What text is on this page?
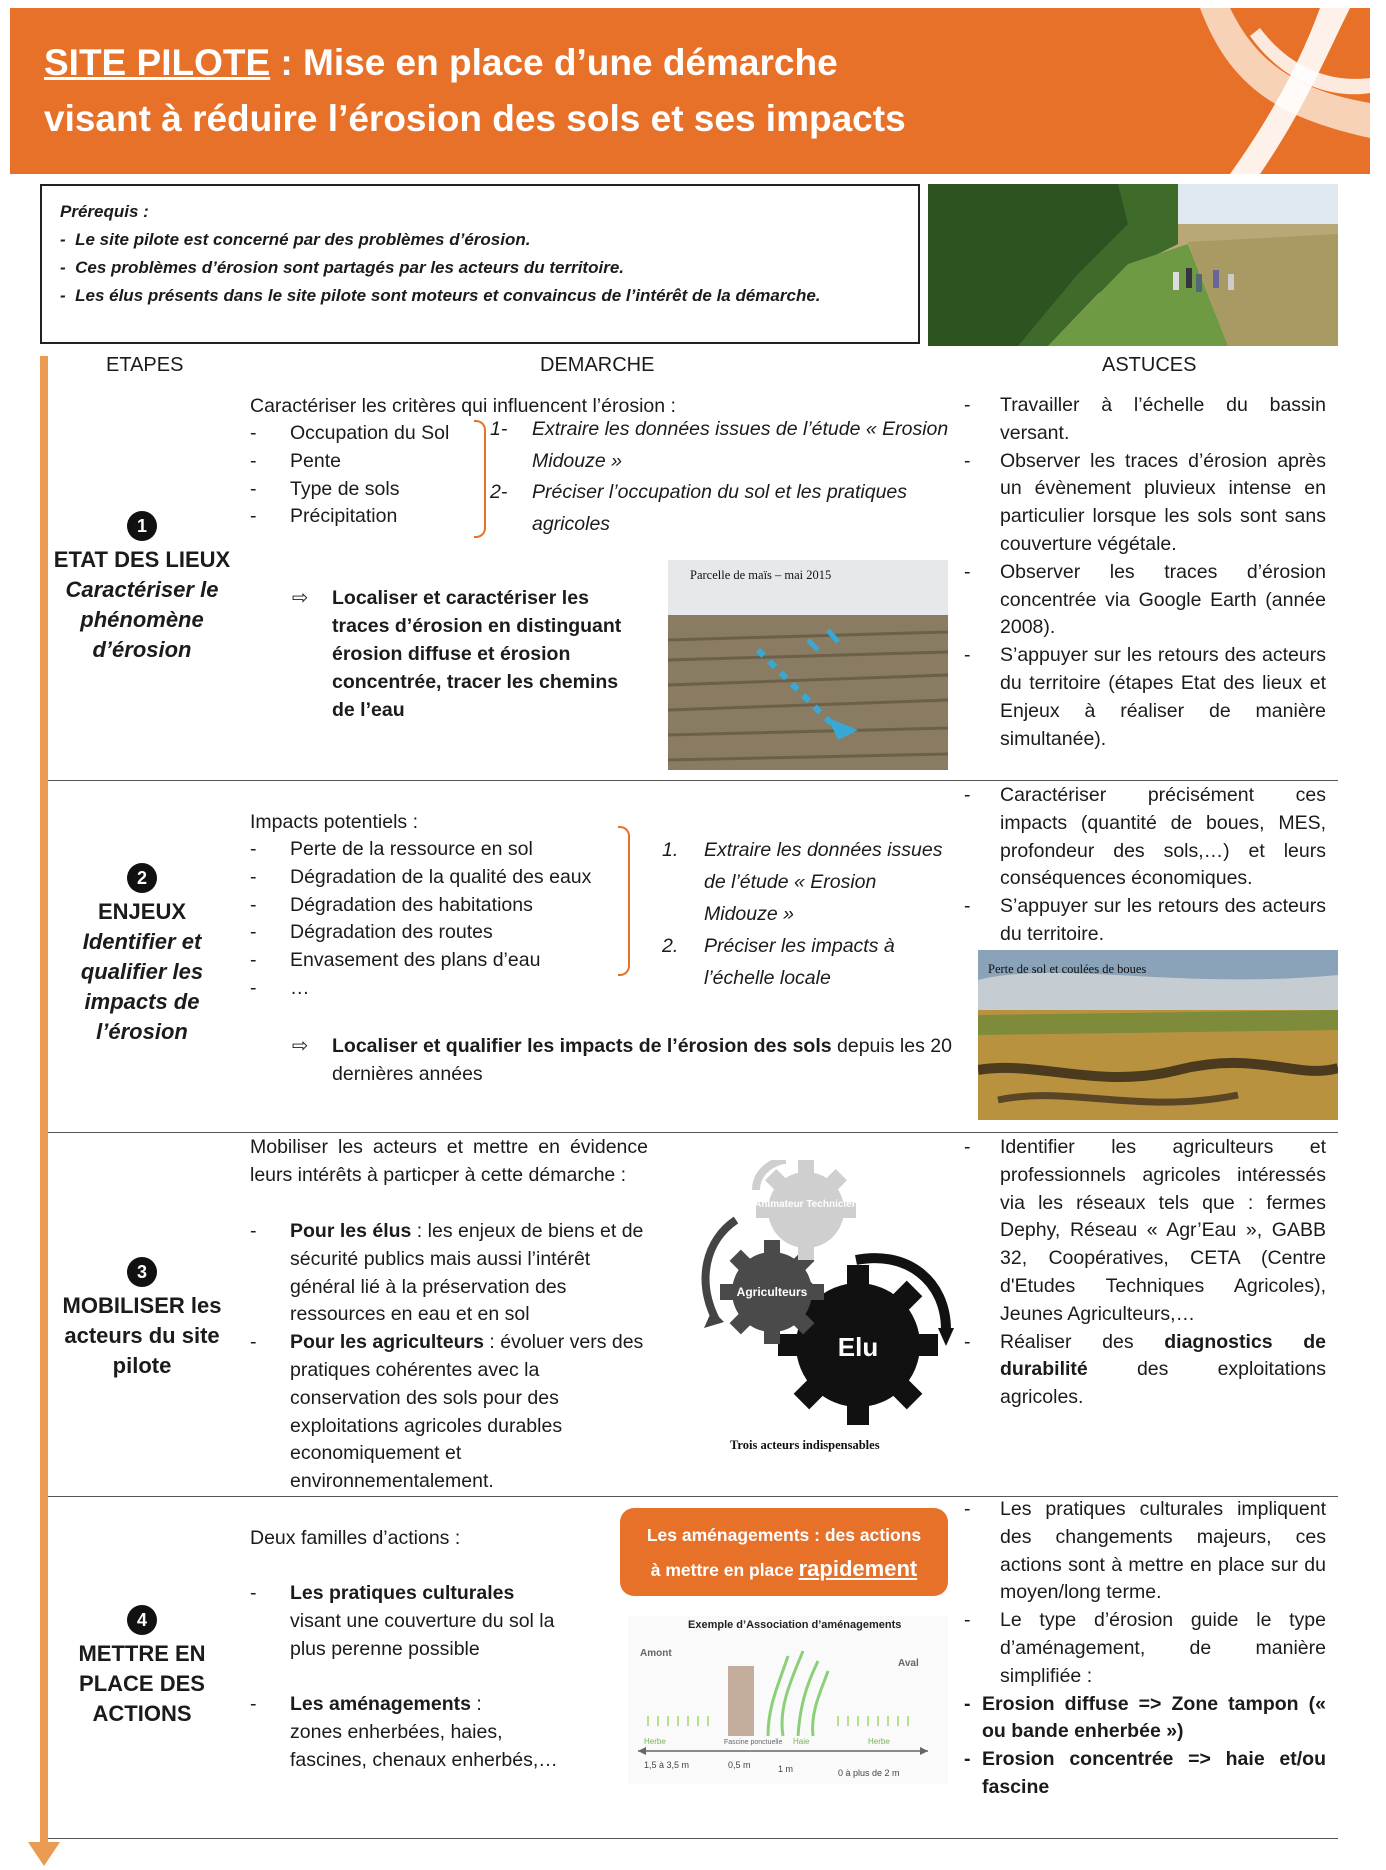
SITE PILOTE : Mise en place d’une démarche
visant à réduire l’érosion des sols et ses impacts
Prérequis :
-  Le site pilote est concerné par des problèmes d’érosion.
-  Ces problèmes d’érosion sont partagés par les acteurs du territoire.
-  Les élus présents dans le site pilote sont moteurs et convaincus de l’intérêt de la démarche.
ETAPES	DEMARCHE	ASTUCES
1
ETAT DES LIEUX
Caractériser le phénomène d’érosion
Caractériser les critères qui influencent l’érosion :
- Occupation du Sol
- Pente
- Type de sols
- Précipitation
1- Extraire les données issues de l’étude « Erosion Midouze »
2- Préciser l’occupation du sol et les pratiques agricoles
⇨ Localiser et caractériser les traces d’érosion en distinguant érosion diffuse et érosion concentrée, tracer les chemins de l’eau
Parcelle de maïs – mai 2015
- Travailler à l’échelle du bassin versant.
- Observer les traces d’érosion après un évènement pluvieux intense en particulier lorsque les sols sont sans couverture végétale.
- Observer les traces d’érosion concentrée via Google Earth (année 2008).
- S’appuyer sur les retours des acteurs du territoire (étapes Etat des lieux et Enjeux à réaliser de manière simultanée).
2
ENJEUX
Identifier et qualifier les impacts de l’érosion
Impacts potentiels :
- Perte de la ressource en sol
- Dégradation de la qualité des eaux
- Dégradation des habitations
- Dégradation des routes
- Envasement des plans d’eau
- …
1. Extraire les données issues de l’étude « Erosion Midouze »
2. Préciser les impacts à l’échelle locale
⇨ Localiser et qualifier les impacts de l’érosion des sols depuis les 20 dernières années
- Caractériser précisément ces impacts (quantité de boues, MES, profondeur des sols,…) et leurs conséquences économiques.
- S’appuyer sur les retours des acteurs du territoire.
Perte de sol et coulées de boues
3
MOBILISER les acteurs du site pilote
Mobiliser les acteurs et mettre en évidence leurs intérêts à particper à cette démarche :
- Pour les élus : les enjeux de biens et de sécurité publics mais aussi l’intérêt général lié à la préservation des ressources en eau et en sol
- Pour les agriculteurs : évoluer vers des pratiques cohérentes avec la conservation des sols pour des exploitations agricoles durables economiquement et environnementalement.
Animateur Technicien
Agriculteurs
Elu
Trois acteurs indispensables
- Identifier les agriculteurs et professionnels agricoles intéressés via les réseaux tels que : fermes Dephy, Réseau « Agr’Eau », GABB 32, Coopératives, CETA (Centre d'Etudes Techniques Agricoles), Jeunes Agriculteurs,…
- Réaliser des diagnostics de durabilité des exploitations agricoles.
4
METTRE EN PLACE DES ACTIONS
Deux familles d’actions :
- Les pratiques culturales
visant une couverture du sol la plus perenne possible
- Les aménagements :
zones enherbées, haies, fascines, chenaux enherbés,…
Les aménagements : des actions
à mettre en place rapidement
Exemple d’Association d’aménagements
Amont
Aval
Herbe	Fascine ponctuelle Haie	Herbe
1,5 à 3,5 m	0,5 m	1 m	0 à plus de 2 m
- Les pratiques culturales impliquent des changements majeurs, ces actions sont à mettre en place sur du moyen/long terme.
- Le type d’érosion guide le type d’aménagement, de manière simplifiée :
- Erosion diffuse => Zone tampon (« ou bande enherbée »)
- Erosion concentrée => haie et/ou fascine
